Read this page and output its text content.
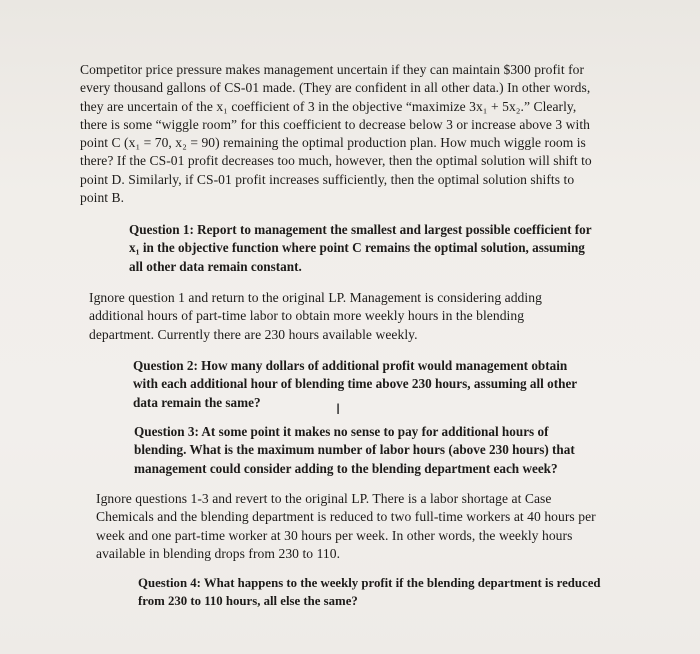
Competitor price pressure makes management uncertain if they can maintain $300 profit for every thousand gallons of CS-01 made. (They are confident in all other data.) In other words, they are uncertain of the x₁ coefficient of 3 in the objective “maximize 3x₁ + 5x₂.” Clearly, there is some “wiggle room” for this coefficient to decrease below 3 or increase above 3 with point C (x₁ = 70, x₂ = 90) remaining the optimal production plan. How much wiggle room is there? If the CS-01 profit decreases too much, however, then the optimal solution will shift to point D. Similarly, if CS-01 profit increases sufficiently, then the optimal solution shifts to point B.

Question 1: Report to management the smallest and largest possible coefficient for x₁ in the objective function where point C remains the optimal solution, assuming all other data remain constant.

Ignore question 1 and return to the original LP. Management is considering adding additional hours of part-time labor to obtain more weekly hours in the blending department. Currently there are 230 hours available weekly.

Question 2: How many dollars of additional profit would management obtain with each additional hour of blending time above 230 hours, assuming all other data remain the same?

Question 3: At some point it makes no sense to pay for additional hours of blending. What is the maximum number of labor hours (above 230 hours) that management could consider adding to the blending department each week?

Ignore questions 1-3 and revert to the original LP. There is a labor shortage at Case Chemicals and the blending department is reduced to two full-time workers at 40 hours per week and one part-time worker at 30 hours per week. In other words, the weekly hours available in blending drops from 230 to 110.

Question 4: What happens to the weekly profit if the blending department is reduced from 230 to 110 hours, all else the same?

I
